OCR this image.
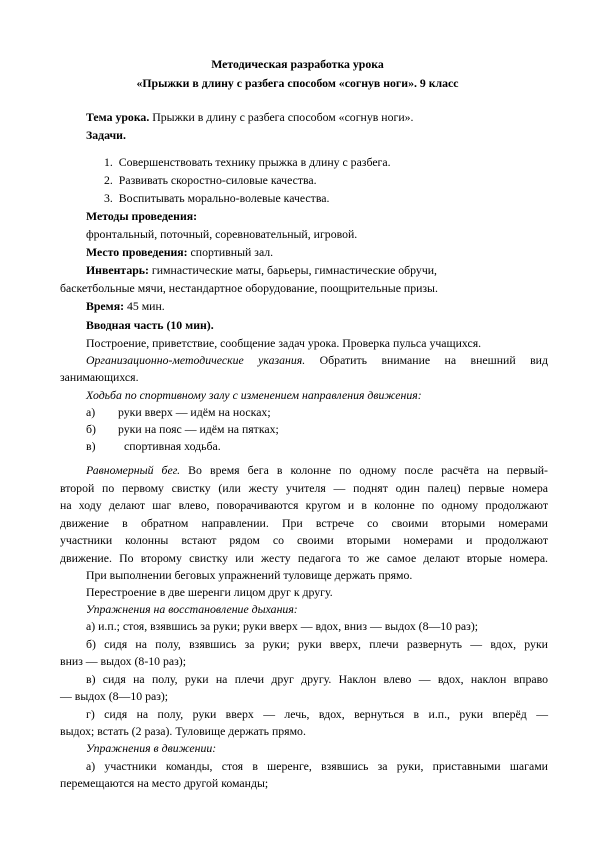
Методическая разработка урока

«Прыжки в длину с разбега способом «согнув ноги». 9 класс

Тема урока. Прыжки в длину с разбега способом «согнув ноги».

Задачи.

1. Совершенствовать технику прыжка в длину с разбега.

2. Развивать скоростно-силовые качества.

3. Воспитывать морально-волевые качества.

Методы проведения:

фронтальный, поточный, соревновательный, игровой.

Место проведения: спортивный зал.

Инвентарь: гимнастические маты, барьеры, гимнастические обручи,

баскетбольные мячи, нестандартное оборудование, поощрительные призы.

Время: 45 мин.

Вводная часть (10 мин).

Построение, приветствие, сообщение задач урока. Проверка пульса учащихся.

Организационно-методические указания. Обратить внимание на внешний вид

занимающихся.

Ходьба по спортивному залу с изменением направления движения:

а) руки вверх — идём на носках;

б) руки на пояс — идём на пятках;

в) спортивная ходьба.

Равномерный бег. Во время бега в колонне по одному после расчёта на первый-

второй по первому свистку (или жесту учителя — поднят один палец) первые номера

на ходу делают шаг влево, поворачиваются кругом и в колонне по одному продолжают

движение в обратном направлении. При встрече со своими вторыми номерами

участники колонны встают рядом со своими вторыми номерами и продолжают

движение. По второму свистку или жесту педагога то же самое делают вторые номера.

При выполнении беговых упражнений туловище держать прямо.

Перестроение в две шеренги лицом друг к другу.

Упражнения на восстановление дыхания:

а) и.п.; стоя, взявшись за руки; руки вверх — вдох, вниз — выдох (8—10 раз);

б) сидя на полу, взявшись за руки; руки вверх, плечи развернуть — вдох, руки

вниз — выдох (8-10 раз);

в) сидя на полу, руки на плечи друг другу. Наклон влево — вдох, наклон вправо

— выдох (8—10 раз);

г) сидя на полу, руки вверх — лечь, вдох, вернуться в и.п., руки вперёд —

выдох; встать (2 раза). Туловище держать прямо.

Упражнения в движении:

а) участники команды, стоя в шеренге, взявшись за руки, приставными шагами

перемещаются на место другой команды;
